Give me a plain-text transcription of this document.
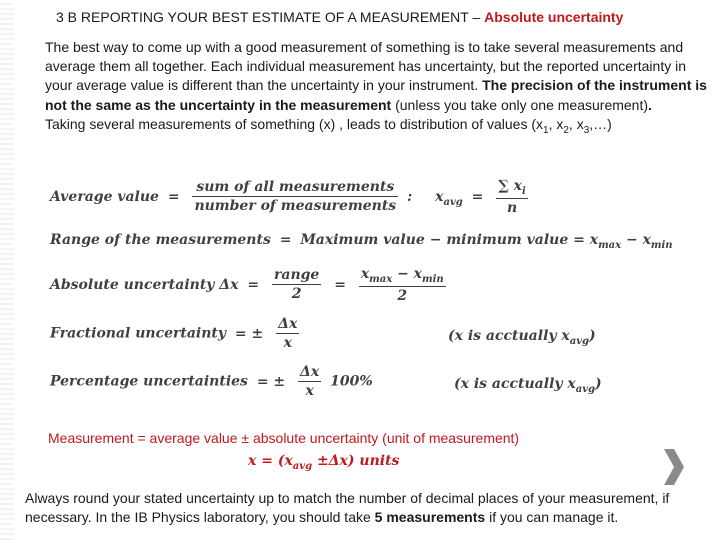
3 B REPORTING YOUR BEST ESTIMATE OF A MEASUREMENT – Absolute uncertainty
The best way to come up with a good measurement of something is to take several measurements and average them all together. Each individual measurement has uncertainty, but the reported uncertainty in your average value is different than the uncertainty in your instrument. The precision of the instrument is not the same as the uncertainty in the measurement (unless you take only one measurement).
Taking several measurements of something (x) , leads to distribution of values ($x_1$, $x_2$, $x_3,\dots$)
Average value =
sum of all measurements
number of measurements
: $x_{avg} = \frac{\sum x_i}{n}$
Range of the measurements = Maximum value − minimum value = $x_{max} - x_{min}$
Absolute uncertainty Δx =
range
2
=
$x_{max} - x_{min}$
2
Fractional uncertainty = ± $\frac{\Delta x}{x}$	(x is acctually $x_{avg}$)
Percentage uncertainties = ± $\frac{\Delta x}{x} 100\%$	(x is acctually $x_{avg}$)
Measurement = average value ± absolute uncertainty (unit of measurement)
$x = (x_{avg} \pm\Delta x)$ units
Always round your stated uncertainty up to match the number of decimal places of your measurement, if necessary. In the IB Physics laboratory, you should take 5 measurements if you can manage it.
